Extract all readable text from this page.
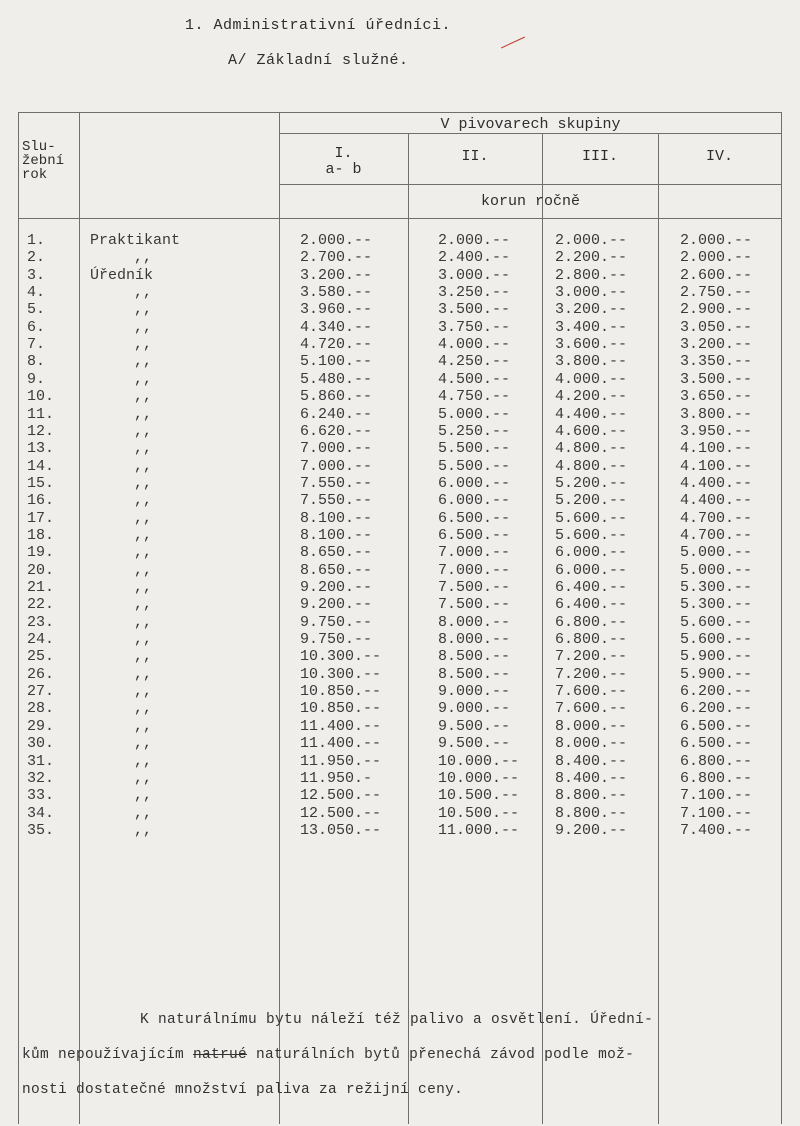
1. Administrativní úředníci.
A/ Základní služné.
Slu-
žební
rok
V pivovarech skupiny
I.
a- b
II.	III.	IV.
korun ročně
1.	Praktikant	2.000.--	2.000.--	2.000.--	2.000.--
2.	,,	2.700.--	2.400.--	2.200.--	2.000.--
3.	Úředník	3.200.--	3.000.--	2.800.--	2.600.--
4.	,,	3.580.--	3.250.--	3.000.--	2.750.--
5.	,,	3.960.--	3.500.--	3.200.--	2.900.--
6.	,,	4.340.--	3.750.--	3.400.--	3.050.--
7.	,,	4.720.--	4.000.--	3.600.--	3.200.--
8.	,,	5.100.--	4.250.--	3.800.--	3.350.--
9.	,,	5.480.--	4.500.--	4.000.--	3.500.--
10.	,,	5.860.--	4.750.--	4.200.--	3.650.--
11.	,,	6.240.--	5.000.--	4.400.--	3.800.--
12.	,,	6.620.--	5.250.--	4.600.--	3.950.--
13.	,,	7.000.--	5.500.--	4.800.--	4.100.--
14.	,,	7.000.--	5.500.--	4.800.--	4.100.--
15.	,,	7.550.--	6.000.--	5.200.--	4.400.--
16.	,,	7.550.--	6.000.--	5.200.--	4.400.--
17.	,,	8.100.--	6.500.--	5.600.--	4.700.--
18.	,,	8.100.--	6.500.--	5.600.--	4.700.--
19.	,,	8.650.--	7.000.--	6.000.--	5.000.--
20.	,,	8.650.--	7.000.--	6.000.--	5.000.--
21.	,,	9.200.--	7.500.--	6.400.--	5.300.--
22.	,,	9.200.--	7.500.--	6.400.--	5.300.--
23.	,,	9.750.--	8.000.--	6.800.--	5.600.--
24.	,,	9.750.--	8.000.--	6.800.--	5.600.--
25.	,,	10.300.--	8.500.--	7.200.--	5.900.--
26.	,,	10.300.--	8.500.--	7.200.--	5.900.--
27.	,,	10.850.--	9.000.--	7.600.--	6.200.--
28.	,,	10.850.--	9.000.--	7.600.--	6.200.--
29.	,,	11.400.--	9.500.--	8.000.--	6.500.--
30.	,,	11.400.--	9.500.--	8.000.--	6.500.--
31.	,,	11.950.--	10.000.-- 8.400.--	6.800.--
32.	,,	11.950.-	10.000.-- 8.400.--	6.800.--
33.	,,	12.500.--	10.500.-- 8.800.--	7.100.--
34.	,,	12.500.--	10.500.-- 8.800.--	7.100.--
35.	,,	13.050.--	11.000.-- 9.200.--	7.400.--
K naturálnímu bytu náleží též palivo a osvětlení. Úřední-
kům nepoužívajícím natrué naturálních bytů přenechá závod podle mož-
nosti dostatečné množství paliva za režijní ceny.
